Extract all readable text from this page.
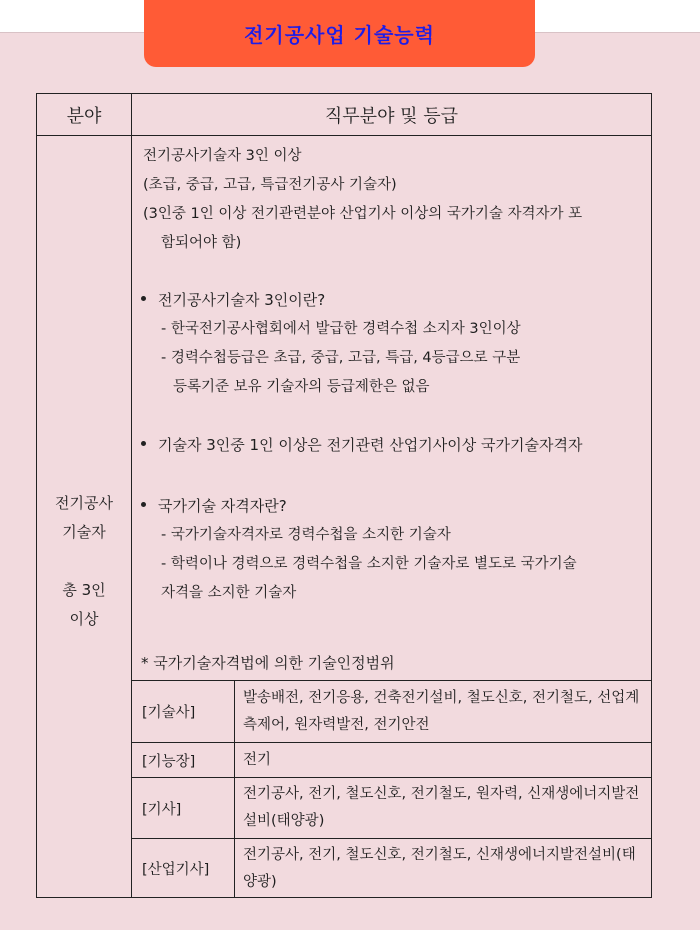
전기공사업 기술능력
분야	직무분야 및 등급
전기공사
기술자
총 3인
이상
전기공사기술자 3인 이상
(초급, 중급, 고급, 특급전기공사 기술자)
(3인중 1인 이상 전기관련분야 산업기사 이상의 국가기술 자격자가 포
함되어야 함)
전기공사기술자 3인이란?
- 한국전기공사협회에서 발급한 경력수첩 소지자 3인이상
- 경력수첩등급은 초급, 중급, 고급, 특급, 4등급으로 구분
등록기준 보유 기술자의 등급제한은 없음
기술자 3인중 1인 이상은 전기관련 산업기사이상 국가기술자격자
국가기술 자격자란?
- 국가기술자격자로 경력수첩을 소지한 기술자
- 학력이나 경력으로 경력수첩을 소지한 기술자로 별도로 국가기술
자격을 소지한 기술자
* 국가기술자격법에 의한 기술인정범위
[기술사]
발송배전, 전기응용, 건축전기설비, 철도신호, 전기철도, 선업계측제어, 원자력발전, 전기안전
[기능장]	전기
[기사]
전기공사, 전기, 철도신호, 전기철도, 원자력, 신재생에너지발전설비(태양광)
[산업기사]
전기공사, 전기, 철도신호, 전기철도, 신재생에너지발전설비(태양광)
